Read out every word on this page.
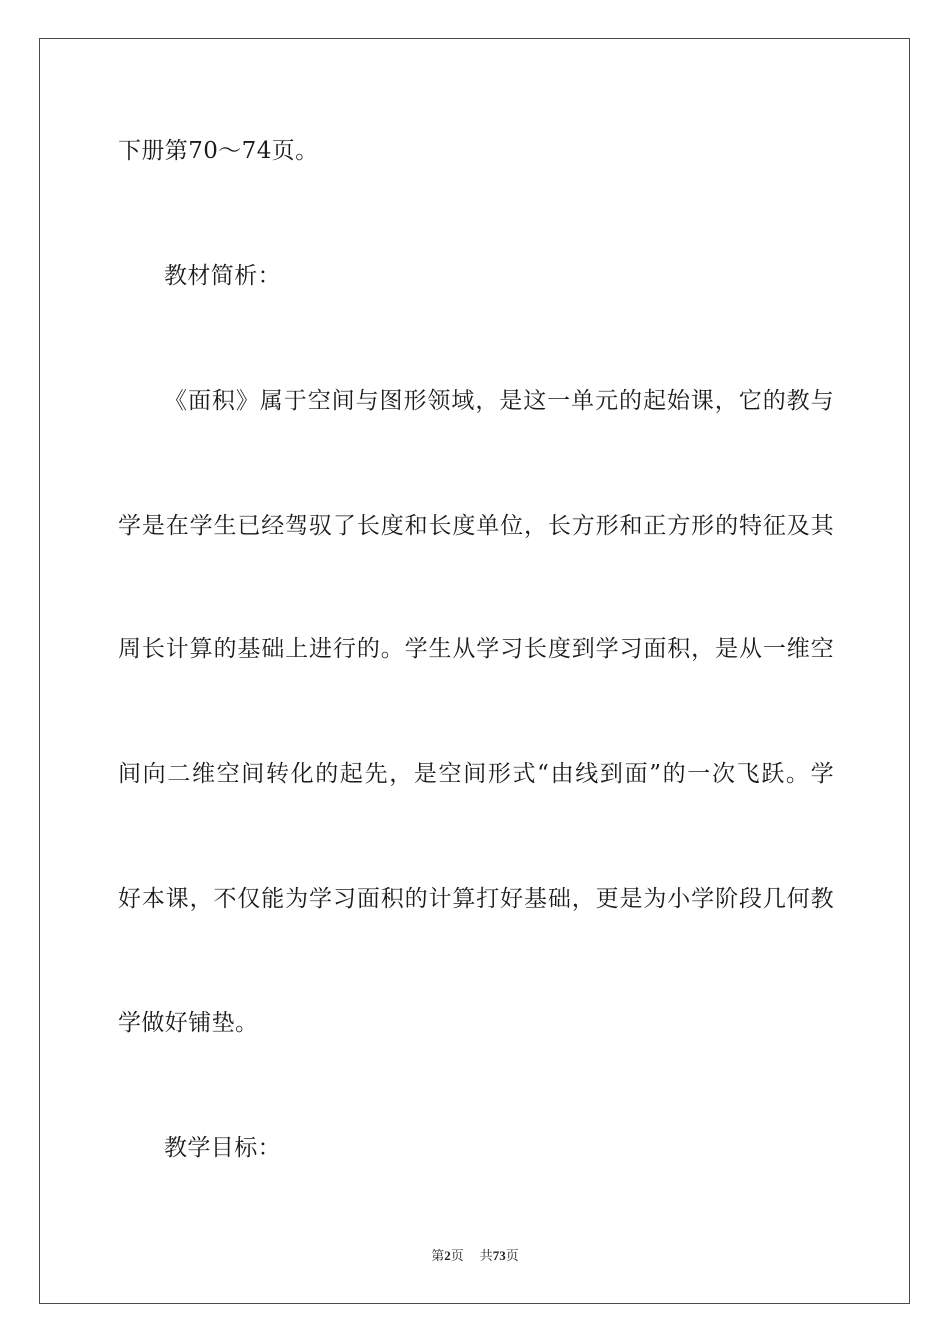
下册第70～74页。
教材简析：
《面积》属于空间与图形领域，是这一单元的起始课，它的教与
学是在学生已经驾驭了长度和长度单位，长方形和正方形的特征及其
周长计算的基础上进行的。学生从学习长度到学习面积，是从一维空
间向二维空间转化的起先，是空间形式“由线到面”的一次飞跃。学
好本课，不仅能为学习面积的计算打好基础，更是为小学阶段几何教
学做好铺垫。
教学目标：
第2页 共73页
